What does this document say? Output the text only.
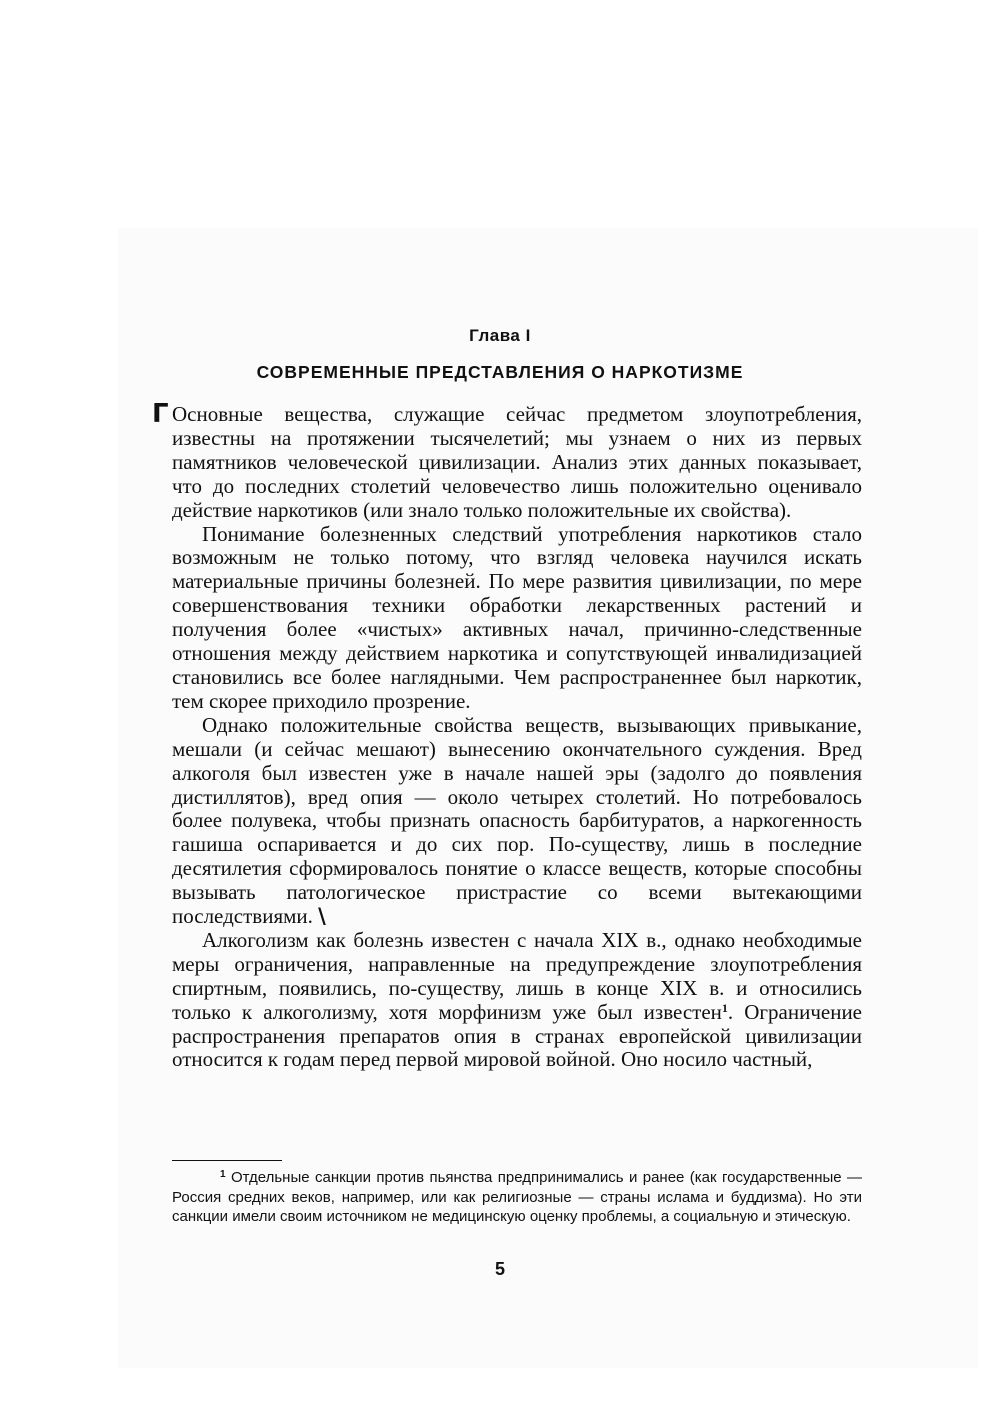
Глава I
СОВРЕМЕННЫЕ ПРЕДСТАВЛЕНИЯ О НАРКОТИЗМЕ
Γ Основные вещества, служащие сейчас предметом злоупотребления, известны на протяжении тысячелетий; мы узнаем о них из первых памятников человеческой цивилизации. Анализ этих данных показывает, что до последних столетий человечество лишь положительно оценивало действие наркотиков (или знало только положительные их свойства).

Понимание болезненных следствий употребления наркотиков стало возможным не только потому, что взгляд человека научился искать материальные причины болезней. По мере развития цивилизации, по мере совершенствования техники обработки лекарственных растений и получения более «чистых» активных начал, причинно-следственные отношения между действием наркотика и сопутствующей инвалидизацией становились все более наглядными. Чем распространеннее был наркотик, тем скорее приходило прозрение.

Однако положительные свойства веществ, вызывающих привыкание, мешали (и сейчас мешают) вынесению окончательного суждения. Вред алкоголя был известен уже в начале нашей эры (задолго до появления дистиллятов), вред опия — около четырех столетий. Но потребовалось более полувека, чтобы признать опасность барбитуратов, а наркогенность гашиша оспаривается и до сих пор. По-существу, лишь в последние десятилетия сформировалось понятие о классе веществ, которые способны вызывать патологическое пристрастие со всеми вытекающими последствиями. \

Алкоголизм как болезнь известен с начала XIX в., однако необходимые меры ограничения, направленные на предупреждение злоупотребления спиртным, появились, по-существу, лишь в конце XIX в. и относились только к алкоголизму, хотя морфинизм уже был известен$^1$. Ограничение распространения препаратов опия в странах европейской цивилизации относится к годам перед первой мировой войной. Оно носило частный,

$^1$ Отдельные санкции против пьянства предпринимались и ранее (как государственные — Россия средних веков, например, или как религиозные — страны ислама и буддизма). Но эти санкции имели своим источником не медицинскую оценку проблемы, а социальную и этическую.

5
